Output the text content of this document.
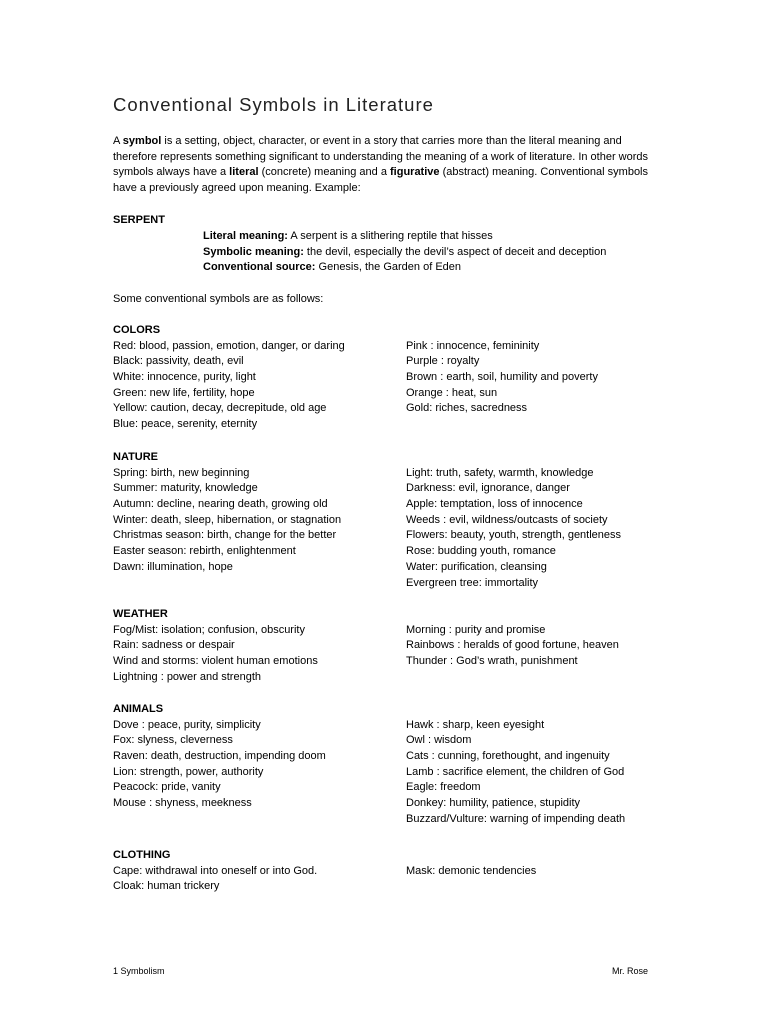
Conventional Symbols in Literature

A symbol is a setting, object, character, or event in a story that carries more than the literal meaning and therefore represents something significant to understanding the meaning of a work of literature. In other words symbols always have a literal (concrete) meaning and a figurative (abstract) meaning. Conventional symbols have a previously agreed upon meaning. Example:

SERPENT
Literal meaning: A serpent is a slithering reptile that hisses
Symbolic meaning: the devil, especially the devil’s aspect of deceit and deception
Conventional source: Genesis, the Garden of Eden
Some conventional symbols are as follows:
COLORS
Red: blood, passion, emotion, danger, or daring
Black: passivity, death, evil
White: innocence, purity, light
Green: new life, fertility, hope
Yellow: caution, decay, decrepitude, old age
Blue: peace, serenity, eternity
Pink : innocence, femininity
Purple : royalty
Brown : earth, soil, humility and poverty
Orange : heat, sun
Gold: riches, sacredness
NATURE
Spring: birth, new beginning
Summer: maturity, knowledge
Autumn: decline, nearing death, growing old
Winter: death, sleep, hibernation, or stagnation
Christmas season: birth, change for the better
Easter season: rebirth, enlightenment
Dawn: illumination, hope
Light: truth, safety, warmth, knowledge
Darkness: evil, ignorance, danger
Apple: temptation, loss of innocence
Weeds : evil, wildness/outcasts of society
Flowers: beauty, youth, strength, gentleness
Rose: budding youth, romance
Water: purification, cleansing
Evergreen tree: immortality
WEATHER
Fog/Mist: isolation; confusion, obscurity
Rain: sadness or despair
Wind and storms: violent human emotions
Lightning : power and strength
Morning : purity and promise
Rainbows : heralds of good fortune, heaven
Thunder : God’s wrath, punishment
ANIMALS
Dove : peace, purity, simplicity
Fox: slyness, cleverness
Raven: death, destruction, impending doom
Lion: strength, power, authority
Peacock: pride, vanity
Mouse : shyness, meekness
Hawk : sharp, keen eyesight
Owl : wisdom
Cats : cunning, forethought, and ingenuity
Lamb : sacrifice element, the children of God
Eagle: freedom
Donkey: humility, patience, stupidity
Buzzard/Vulture: warning of impending death
CLOTHING
Cape: withdrawal into oneself or into God.
Cloak: human trickery
Mask: demonic tendencies
1 Symbolism	Mr. Rose
